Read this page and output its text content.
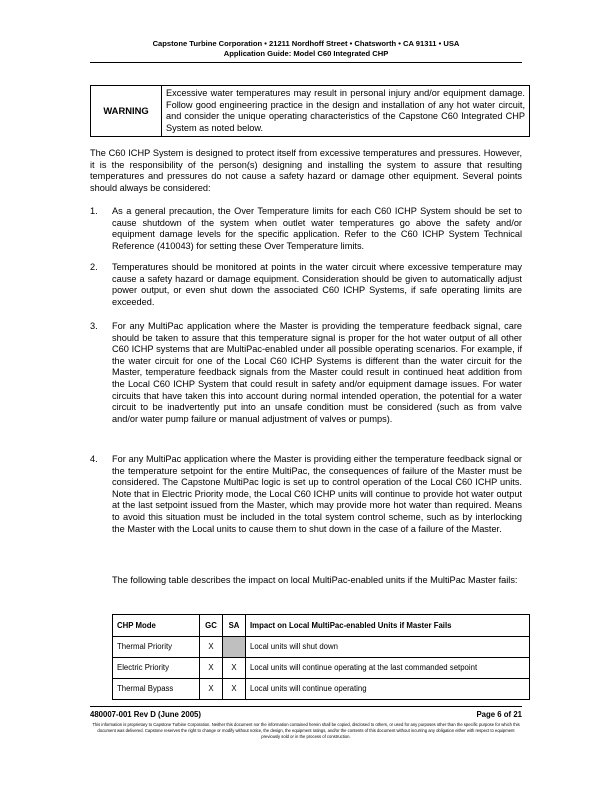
Capstone Turbine Corporation • 21211 Nordhoff Street • Chatsworth • CA 91311 • USA
Application Guide: Model C60 Integrated CHP
WARNING	Excessive water temperatures may result in personal injury and/or equipment damage. Follow good engineering practice in the design and installation of any hot water circuit, and consider the unique operating characteristics of the Capstone C60 Integrated CHP System as noted below.
The C60 ICHP System is designed to protect itself from excessive temperatures and pressures. However, it is the responsibility of the person(s) designing and installing the system to assure that resulting temperatures and pressures do not cause a safety hazard or damage other equipment. Several points should always be considered:
1. As a general precaution, the Over Temperature limits for each C60 ICHP System should be set to cause shutdown of the system when outlet water temperatures go above the safety and/or equipment damage levels for the specific application. Refer to the C60 ICHP System Technical Reference (410043) for setting these Over Temperature limits.
2. Temperatures should be monitored at points in the water circuit where excessive temperature may cause a safety hazard or damage equipment. Consideration should be given to automatically adjust power output, or even shut down the associated C60 ICHP Systems, if safe operating limits are exceeded.
3. For any MultiPac application where the Master is providing the temperature feedback signal, care should be taken to assure that this temperature signal is proper for the hot water output of all other C60 ICHP systems that are MultiPac-enabled under all possible operating scenarios. For example, if the water circuit for one of the Local C60 ICHP Systems is different than the water circuit for the Master, temperature feedback signals from the Master could result in continued heat addition from the Local C60 ICHP System that could result in safety and/or equipment damage issues. For water circuits that have taken this into account during normal intended operation, the potential for a water circuit to be inadvertently put into an unsafe condition must be considered (such as from valve and/or water pump failure or manual adjustment of valves or pumps).
4. For any MultiPac application where the Master is providing either the temperature feedback signal or the temperature setpoint for the entire MultiPac, the consequences of failure of the Master must be considered. The Capstone MultiPac logic is set up to control operation of the Local C60 ICHP units. Note that in Electric Priority mode, the Local C60 ICHP units will continue to provide hot water output at the last setpoint issued from the Master, which may provide more hot water than required. Means to avoid this situation must be included in the total system control scheme, such as by interlocking the Master with the Local units to cause them to shut down in the case of a failure of the Master.
The following table describes the impact on local MultiPac-enabled units if the MultiPac Master fails:
CHP Mode	GC	SA	Impact on Local MultiPac-enabled Units if Master Fails
Thermal Priority	X		Local units will shut down
Electric Priority	X	X	Local units will continue operating at the last commanded setpoint
Thermal Bypass	X	X	Local units will continue operating
480007-001 Rev D (June 2005)	Page 6 of 21
This information is proprietary to Capstone Turbine Corporation. Neither this document nor the information contained herein shall be copied, disclosed to others, or used for any purposes other than the specific purpose for which this document was delivered. Capstone reserves the right to change or modify without notice, the design, the equipment ratings, and/or the contents of this document without incurring any obligation either with respect to equipment previously sold or in the process of construction.
